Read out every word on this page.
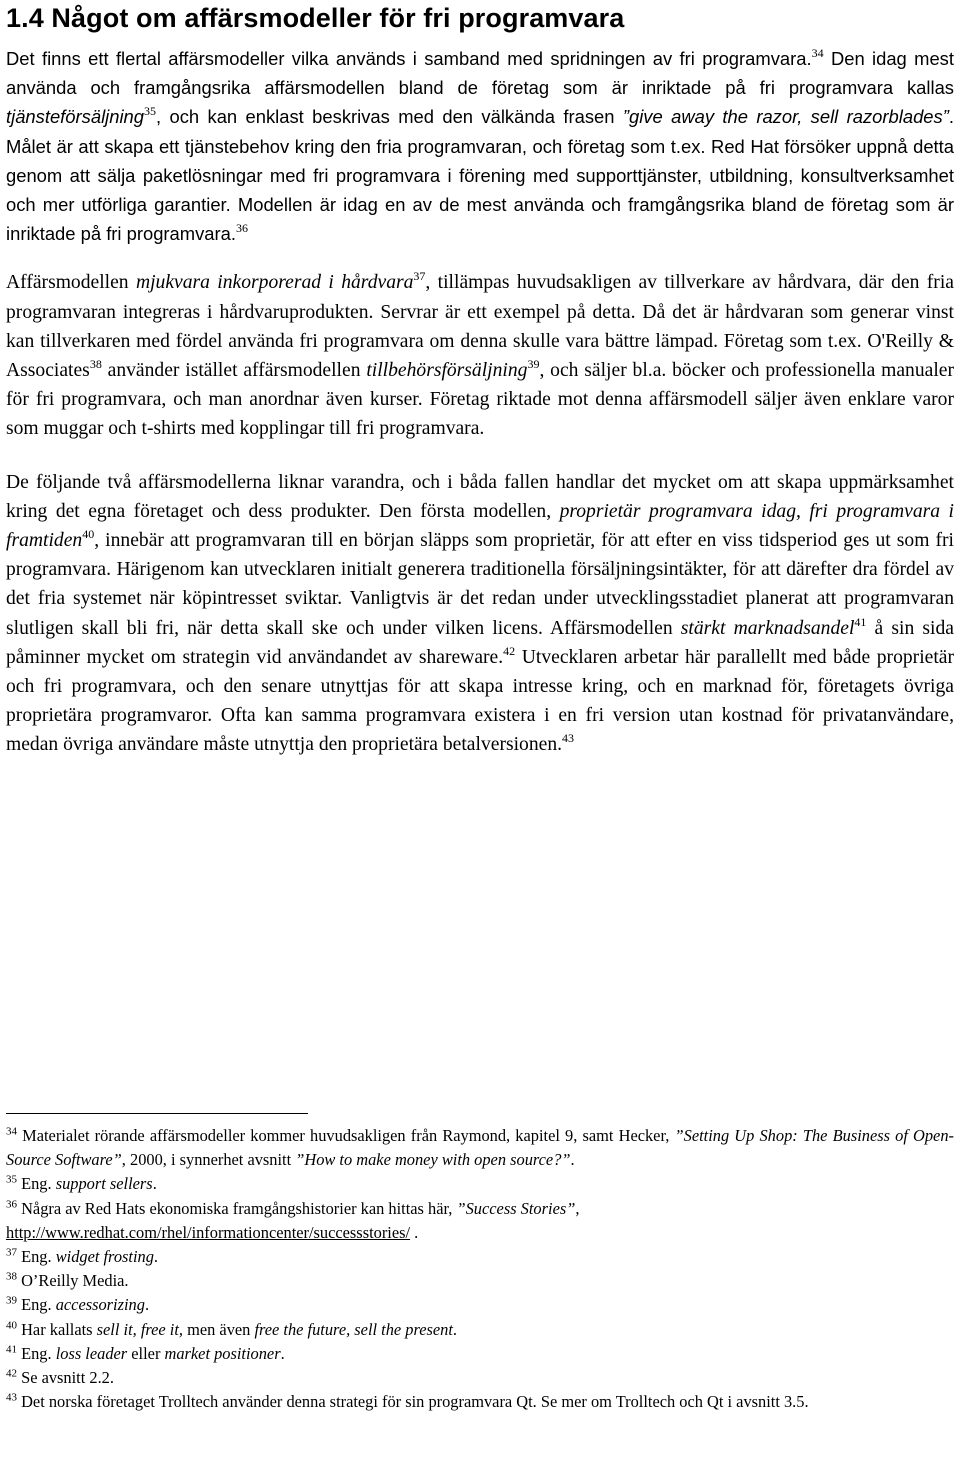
1.4 Något om affärsmodeller för fri programvara

Det finns ett flertal affärsmodeller vilka används i samband med spridningen av fri programvara.$^{34}$ Den idag mest använda och framgångsrika affärsmodellen bland de företag som är inriktade på fri programvara kallas tjänsteförsäljning$^{35}$, och kan enklast beskrivas med den välkända frasen ”give away the razor, sell razorblades”. Målet är att skapa ett tjänstebehov kring den fria programvaran, och företag som t.ex. Red Hat försöker uppnå detta genom att sälja paketlösningar med fri programvara i förening med supporttjänster, utbildning, konsultverksamhet och mer utförliga garantier. Modellen är idag en av de mest använda och framgångsrika bland de företag som är inriktade på fri programvara.$^{36}$

Affärsmodellen mjukvara inkorporerad i hårdvara$^{37}$, tillämpas huvudsakligen av tillverkare av hårdvara, där den fria programvaran integreras i hårdvaruprodukten. Servrar är ett exempel på detta. Då det är hårdvaran som generar vinst kan tillverkaren med fördel använda fri programvara om denna skulle vara bättre lämpad. Företag som t.ex. O'Reilly & Associates$^{38}$ använder istället affärsmodellen tillbehörsförsäljning$^{39}$, och säljer bl.a. böcker och professionella manualer för fri programvara, och man anordnar även kurser. Företag riktade mot denna affärsmodell säljer även enklare varor som muggar och t-shirts med kopplingar till fri programvara.

De följande två affärsmodellerna liknar varandra, och i båda fallen handlar det mycket om att skapa uppmärksamhet kring det egna företaget och dess produkter. Den första modellen, proprietär programvara idag, fri programvara i framtiden$^{40}$, innebär att programvaran till en början släpps som proprietär, för att efter en viss tidsperiod ges ut som fri programvara. Härigenom kan utvecklaren initialt generera traditionella försäljningsintäkter, för att därefter dra fördel av det fria systemet när köpintresset sviktar. Vanligtvis är det redan under utvecklingsstadiet planerat att programvaran slutligen skall bli fri, när detta skall ske och under vilken licens. Affärsmodellen stärkt marknadsandel$^{41}$ å sin sida påminner mycket om strategin vid användandet av shareware.$^{42}$ Utvecklaren arbetar här parallellt med både proprietär och fri programvara, och den senare utnyttjas för att skapa intresse kring, och en marknad för, företagets övriga proprietära programvaror. Ofta kan samma programvara existera i en fri version utan kostnad för privatanvändare, medan övriga användare måste utnyttja den proprietära betalversionen.$^{43}$

$^{34}$ Materialet rörande affärsmodeller kommer huvudsakligen från Raymond, kapitel 9, samt Hecker, ”Setting Up Shop: The Business of Open-Source Software”, 2000, i synnerhet avsnitt ”How to make money with open source?”.

$^{35}$ Eng. support sellers.

$^{36}$ Några av Red Hats ekonomiska framgångshistorier kan hittas här, ”Success Stories”,
http://www.redhat.com/rhel/informationcenter/successstories/ .

$^{37}$ Eng. widget frosting.

$^{38}$ O’Reilly Media.

$^{39}$ Eng. accessorizing.

$^{40}$ Har kallats sell it, free it, men även free the future, sell the present.

$^{41}$ Eng. loss leader eller market positioner.

$^{42}$ Se avsnitt 2.2.

$^{43}$ Det norska företaget Trolltech använder denna strategi för sin programvara Qt. Se mer om Trolltech och Qt i avsnitt 3.5.
